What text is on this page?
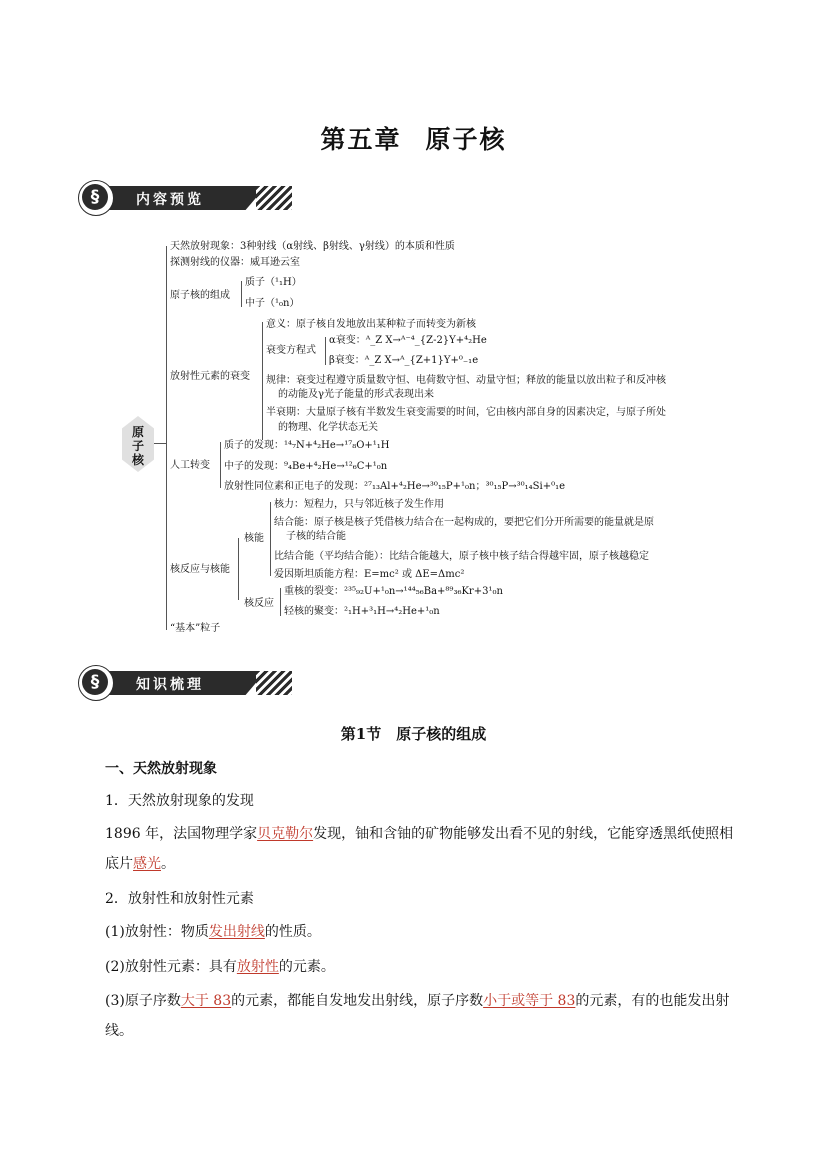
第五章 原子核
§	内容预览
原子核
天然放射现象：3种射线（α射线、β射线、γ射线）的本质和性质
探测射线的仪器：威耳逊云室
原子核的组成
质子（¹₁H）
中子（¹₀n）
放射性元素的衰变
意义：原子核自发地放出某种粒子而转变为新核
衰变方程式
α衰变：ᴬ_Z X→ᴬ⁻⁴_{Z-2}Y+⁴₂He
β衰变：ᴬ_Z X→ᴬ_{Z+1}Y+⁰₋₁e
规律：衰变过程遵守质量数守恒、电荷数守恒、动量守恒；释放的能量以放出粒子和反冲核
的动能及γ光子能量的形式表现出来
半衰期：大量原子核有半数发生衰变需要的时间，它由核内部自身的因素决定，与原子所处
的物理、化学状态无关
人工转变
质子的发现：¹⁴₇N+⁴₂He→¹⁷₈O+¹₁H
中子的发现：⁹₄Be+⁴₂He→¹²₆C+¹₀n
放射性同位素和正电子的发现：²⁷₁₃Al+⁴₂He→³⁰₁₅P+¹₀n；³⁰₁₅P→³⁰₁₄Si+⁰₁e
核反应与核能
核能
核力：短程力，只与邻近核子发生作用
结合能：原子核是核子凭借核力结合在一起构成的，要把它们分开所需要的能量就是原
子核的结合能
比结合能（平均结合能）：比结合能越大，原子核中核子结合得越牢固，原子核越稳定
爱因斯坦质能方程：E=mc² 或 ΔE=Δmc²
核反应
重核的裂变：²³⁵₉₂U+¹₀n→¹⁴⁴₅₆Ba+⁸⁹₃₆Kr+3¹₀n
轻核的聚变：²₁H+³₁H→⁴₂He+¹₀n
“基本”粒子
§	知识梳理
第1节　原子核的组成
一、天然放射现象
1．天然放射现象的发现
1896 年，法国物理学家贝克勒尔发现，铀和含铀的矿物能够发出看不见的射线，它能穿透黑纸使照相
底片感光。
2．放射性和放射性元素
(1)放射性：物质发出射线的性质。
(2)放射性元素：具有放射性的元素。
(3)原子序数大于 83的元素，都能自发地发出射线，原子序数小于或等于 83的元素，有的也能发出射
线。
